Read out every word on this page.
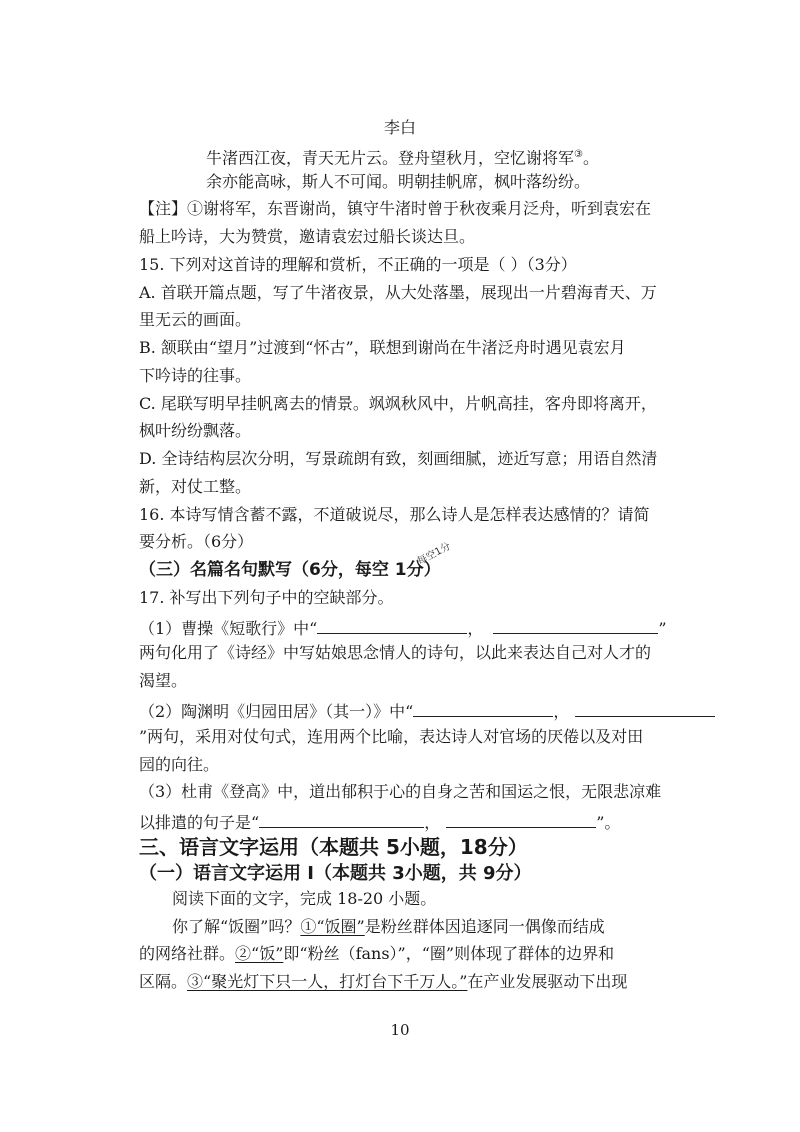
李白
牛渚西江夜，青天无片云。登舟望秋月，空忆谢将军③。
余亦能高咏，斯人不可闻。明朝挂帆席，枫叶落纷纷。
【注】①谢将军，东晋谢尚，镇守牛渚时曾于秋夜乘月泛舟，听到袁宏在
船上吟诗，大为赞赏，邀请袁宏过船长谈达旦。
15. 下列对这首诗的理解和赏析，不正确的一项是（ ）（3分）
A. 首联开篇点题，写了牛渚夜景，从大处落墨，展现出一片碧海青天、万
里无云的画面。
B. 颔联由“望月”过渡到“怀古”，联想到谢尚在牛渚泛舟时遇见袁宏月
下吟诗的往事。
C. 尾联写明早挂帆离去的情景。飒飒秋风中，片帆高挂，客舟即将离开，
枫叶纷纷飘落。
D. 全诗结构层次分明，写景疏朗有致，刻画细腻，迹近写意；用语自然清
新，对仗工整。
16. 本诗写情含蓄不露，不道破说尽，那么诗人是怎样表达感情的？请简
要分析。（6分）
（三）名篇名句默写（6分，每空 1分）
每空1分
17. 补写出下列句子中的空缺部分。
（1）曹操《短歌行》中“	，	”
两句化用了《诗经》中写姑娘思念情人的诗句，以此来表达自己对人才的
渴望。
（2）陶渊明《归园田居》（其一）》中“	，
”两句，采用对仗句式，连用两个比喻，表达诗人对官场的厌倦以及对田
园的向往。
（3）杜甫《登高》中，道出郁积于心的自身之苦和国运之恨，无限悲凉难
以排遣的句子是“	，	”。
三、语言文字运用（本题共 5小题，18分）
（一）语言文字运用 Ⅰ（本题共 3小题，共 9分）
阅读下面的文字，完成 18-20 小题。
你了解“饭圈”吗？①“饭圈”是粉丝群体因追逐同一偶像而结成
的网络社群。②“饭”即“粉丝（fans）”，“圈”则体现了群体的边界和
区隔。③“聚光灯下只一人，打灯台下千万人。”在产业发展驱动下出现
10
